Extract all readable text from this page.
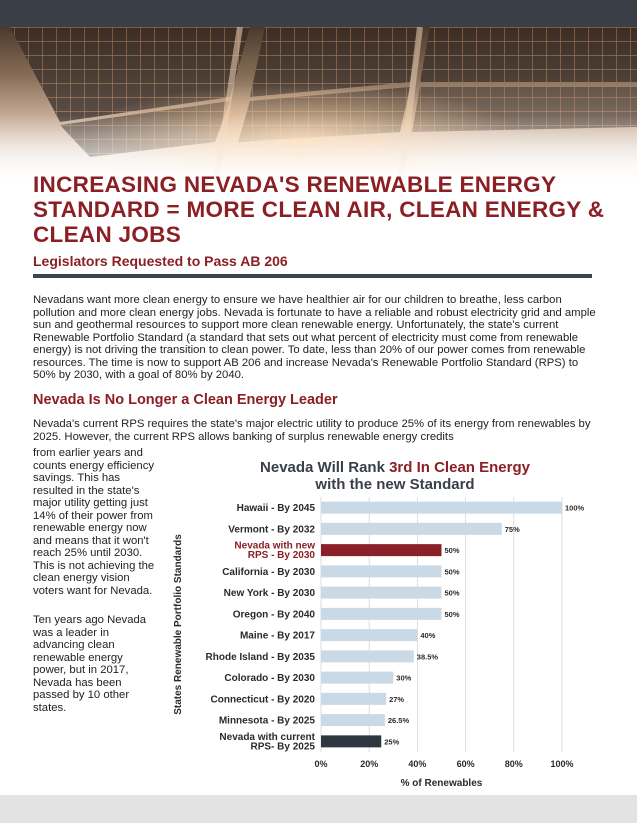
INCREASING NEVADA'S RENEWABLE ENERGY STANDARD = MORE CLEAN AIR, CLEAN ENERGY & CLEAN JOBS
Legislators Requested to Pass AB 206

Nevadans want more clean energy to ensure we have healthier air for our children to breathe, less carbon pollution and more clean energy jobs. Nevada is fortunate to have a reliable and robust electricity grid and ample sun and geothermal resources to support more clean renewable energy. Unfortunately, the state's current Renewable Portfolio Standard (a standard that sets out what percent of electricity must come from renewable energy) is not driving the transition to clean power. To date, less than 20% of our power comes from renewable resources. The time is now to support AB 206 and increase Nevada's Renewable Portfolio Standard (RPS) to 50% by 2030, with a goal of 80% by 2040.

Nevada Is No Longer a Clean Energy Leader

Nevada's current RPS requires the state's major electric utility to produce 25% of its energy from renewables by 2025. However, the current RPS allows banking of surplus renewable energy credits

from earlier years and counts energy efficiency savings. This has resulted in the state's major utility getting just 14% of their power from renewable energy now and means that it won't reach 25% until 2030. This is not achieving the clean energy vision voters want for Nevada.

Ten years ago Nevada was a leader in advancing clean renewable energy power, but in 2017, Nevada has been passed by 10 other states.

Nevada Will Rank 3rd In Clean Energy
with the new Standard
0%	20%	40%	60%	80%	100%
% of Renewables
States Renewable Portfolio Standards
100%
Hawaii - By 2045
75%
Vermont - By 2032
50%
Nevada with new
RPS - By 2030
50%
California - By 2030
50%
New York - By 2030
50%
Oregon - By 2040
40%
Maine - By 2017
38.5%
Rhode Island - By 2035
30%
Colorado - By 2030
27%
Connecticut - By 2020
26.5%
Minnesota - By 2025
25%
Nevada with current
RPS- By 2025
